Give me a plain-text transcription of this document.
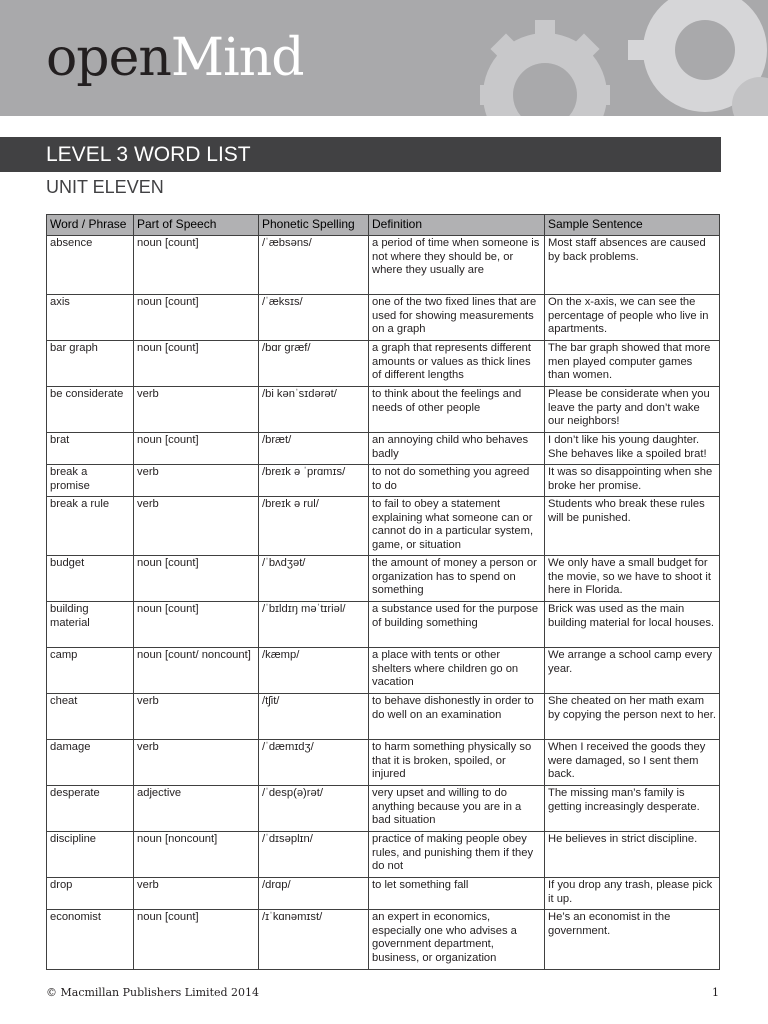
openMind
LEVEL 3 WORD LIST
UNIT ELEVEN
Word / Phrase	Part of Speech	Phonetic Spelling	Definition	Sample Sentence
absence	noun [count]	/ˈæbsəns/	a period of time when someone is not where they should be, or where they usually are	Most staff absences are caused by back problems.
axis	noun [count]	/ˈæksɪs/	one of the two fixed lines that are used for showing measurements on a graph	On the x-axis, we can see the percentage of people who live in apartments.
bar graph	noun [count]	/bɑr græf/	a graph that represents different amounts or values as thick lines of different lengths	The bar graph showed that more men played computer games than women.
be considerate	verb	/bi kənˈsɪdərət/	to think about the feelings and needs of other people	Please be considerate when you leave the party and don’t wake our neighbors!
brat	noun [count]	/bræt/	an annoying child who behaves badly	I don’t like his young daughter. She behaves like a spoiled brat!
break a promise	verb	/breɪk ə ˈprɑmɪs/	to not do something you agreed to do	It was so disappointing when she broke her promise.
break a rule	verb	/breɪk ə rul/	to fail to obey a statement explaining what someone can or cannot do in a particular system, game, or situation	Students who break these rules will be punished.
budget	noun [count]	/ˈbʌdʒət/	the amount of money a person or organization has to spend on something	We only have a small budget for the movie, so we have to shoot it here in Florida.
building material	noun [count]	/ˈbɪldɪŋ məˈtɪriəl/	a substance used for the purpose of building something	Brick was used as the main building material for local houses.
camp	noun [count/ noncount]	/kæmp/	a place with tents or other shelters where children go on vacation	We arrange a school camp every year.
cheat	verb	/tʃit/	to behave dishonestly in order to do well on an examination	She cheated on her math exam by copying the person next to her.
damage	verb	/ˈdæmɪdʒ/	to harm something physically so that it is broken, spoiled, or injured	When I received the goods they were damaged, so I sent them back.
desperate	adjective	/ˈdesp(ə)rət/	very upset and willing to do anything because you are in a bad situation	The missing man’s family is getting increasingly desperate.
discipline	noun [noncount]	/ˈdɪsəplɪn/	practice of making people obey rules, and punishing them if they do not	He believes in strict discipline.
drop	verb	/drɑp/	to let something fall	If you drop any trash, please pick it up.
economist	noun [count]	/ɪˈkɑnəmɪst/	an expert in economics, especially one who advises a government department, business, or organization	He’s an economist in the government.
© Macmillan Publishers Limited 2014	1
